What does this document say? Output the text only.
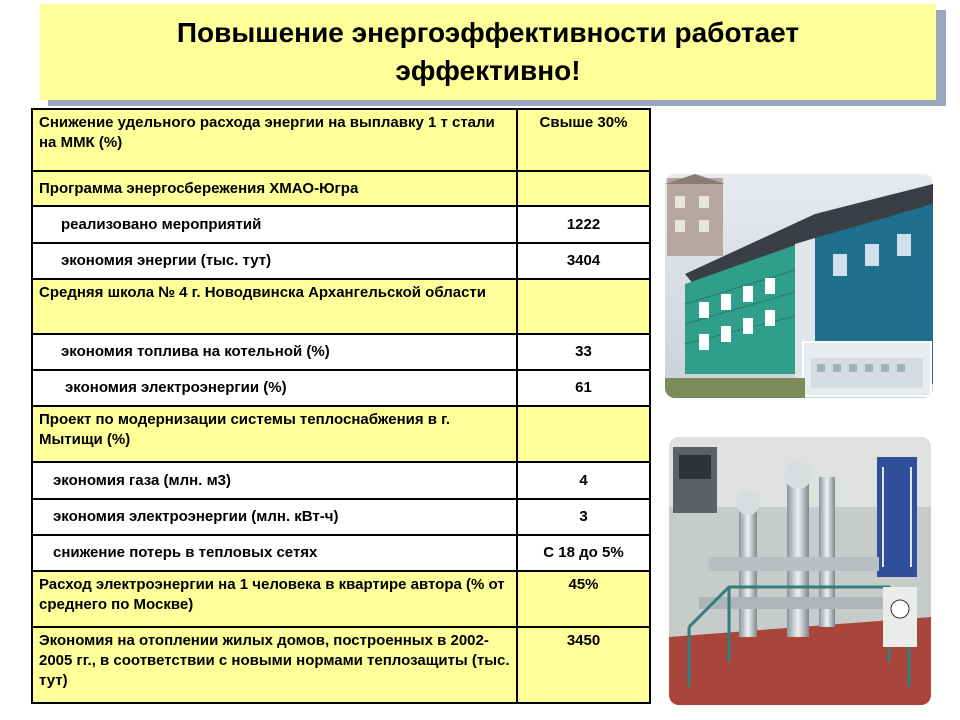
Повышение энергоэффективности работает эффективно!
Снижение удельного расхода энергии на выплавку 1 т стали на ММК (%)	Свыше 30%
Программа энергосбережения ХМАО-Югра	
реализовано мероприятий	1222
экономия энергии (тыс. тут)	3404
Средняя школа № 4 г. Новодвинска Архангельской области	
экономия топлива на котельной (%)	33
экономия электроэнергии (%)	61
Проект по модернизации системы теплоснабжения в г. Мытищи (%)	
экономия газа (млн. м3)	4
экономия электроэнергии (млн. кВт-ч)	3
снижение потерь в тепловых сетях	С 18 до 5%
Расход электроэнергии на 1 человека в квартире автора (% от среднего по Москве)	45%
Экономия на отоплении жилых домов, построенных в 2002-2005 гг., в соответствии с новыми нормами теплозащиты (тыс. тут)	3450
